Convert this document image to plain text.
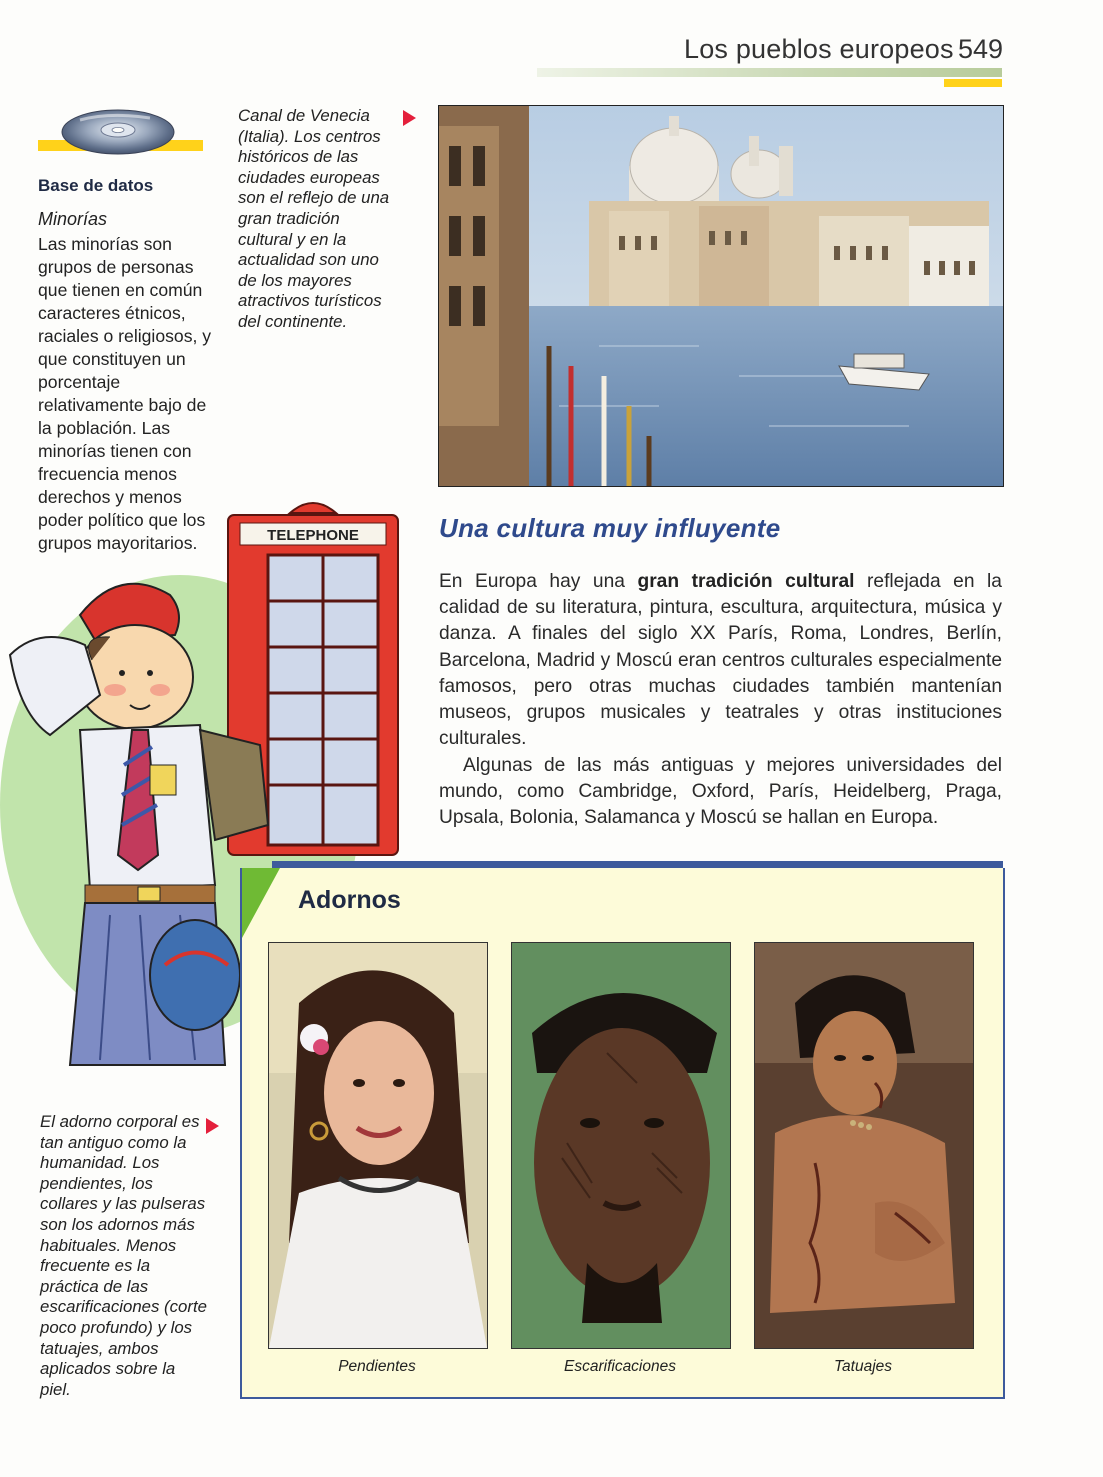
Los pueblos europeos 549
Base de datos
Minorías
Las minorías son grupos de personas que tienen en común caracteres étnicos, raciales o religiosos, y que constituyen un porcentaje relativamente bajo de la población. Las minorías tienen con frecuencia menos derechos y menos poder político que los grupos mayoritarios.
Canal de Venecia (Italia). Los centros históricos de las ciudades europeas son el reflejo de una gran tradición cultural y en la actualidad son uno de los mayores atractivos turísticos del continente.
TELEPHONE	Una cultura muy influyente
En Europa hay una gran tradición cultural reflejada en la calidad de su literatura, pintura, escultura, arquitectura, música y danza. A finales del siglo XX París, Roma, Londres, Berlín, Barcelona, Madrid y Moscú eran centros culturales especialmente famosos, pero otras muchas ciudades también mantenían museos, grupos musicales y teatrales y otras instituciones culturales.
Algunas de las más antiguas y mejores universidades del mundo, como Cambridge, Oxford, París, Heidelberg, Praga, Upsala, Bolonia, Salamanca y Moscú se hallan en Europa.
Adornos
Pendientes	Escarificaciones	Tatuajes
El adorno corporal es tan antiguo como la humanidad. Los pendientes, los collares y las pulseras son los adornos más habituales. Menos frecuente es la práctica de las escarificaciones (corte poco profundo) y los tatuajes, ambos aplicados sobre la piel.
